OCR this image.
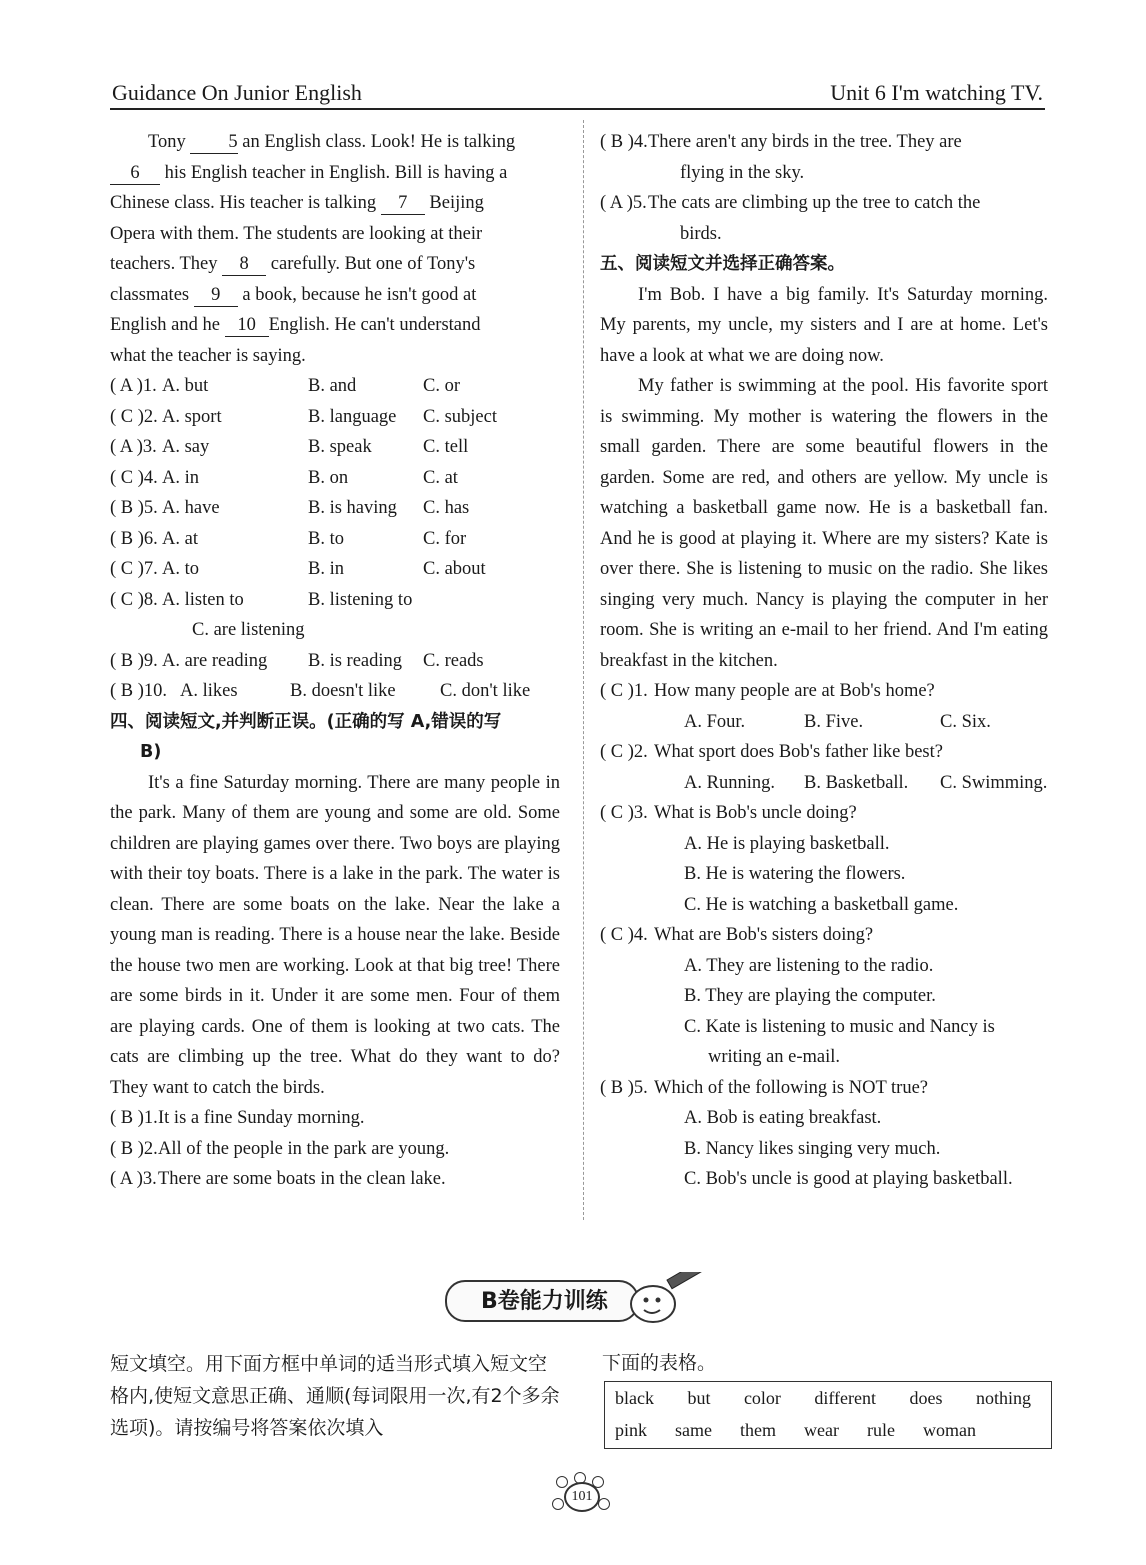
Guidance On Junior English	Unit 6 I'm watching TV.

Tony 5 an English class. Look! He is talking

6 his English teacher in English. Bill is having a

Chinese class. His teacher is talking 7 Beijing

Opera with them. The students are looking at their

teachers. They 8 carefully. But one of Tony's

classmates 9 a book, because he isn't good at

English and he 10 English. He can't understand

what the teacher is saying.

( A )1. A. but	B. and	C. or
( C )2. A. sport	B. language	C. subject
( A )3. A. say	B. speak	C. tell
( C )4. A. in	B. on	C. at
( B )5. A. have	B. is having	C. has
( B )6. A. at	B. to	C. for
( C )7. A. to	B. in	C. about
( C )8. A. listen to	B. listening to
C. are listening
( B )9. A. are reading	B. is reading	C. reads
( B )10. A. likes	B. doesn't like	C. don't like

四、阅读短文,并判断正误。(正确的写 A,错误的写

B)

It's a fine Saturday morning. There are many people in the park. Many of them are young and some are old. Some children are playing games over there. Two boys are playing with their toy boats. There is a lake in the park. The water is clean. There are some boats on the lake. Near the lake a young man is reading. There is a house near the lake. Beside the house two men are working. Look at that big tree! There are some birds in it. Under it are some men. Four of them are playing cards. One of them is looking at two cats. The cats are climbing up the tree. What do they want to do? They want to catch the birds.

( B )1. It is a fine Sunday morning.
( B )2. All of the people in the park are young.
( A )3. There are some boats in the clean lake.
( B )4. There aren't any birds in the tree. They are
flying in the sky.
( A )5. The cats are climbing up the tree to catch the
birds.

五、阅读短文并选择正确答案。

I'm Bob. I have a big family. It's Saturday morning. My parents, my uncle, my sisters and I are at home. Let's have a look at what we are doing now.

My father is swimming at the pool. His favorite sport is swimming. My mother is watering the flowers in the small garden. There are some beautiful flowers in the garden. Some are red, and others are yellow. My uncle is watching a basketball game now. He is a basketball fan. And he is good at playing it. Where are my sisters? Kate is over there. She is listening to music on the radio. She likes singing very much. Nancy is playing the computer in her room. She is writing an e-mail to her friend. And I'm eating breakfast in the kitchen.

( C )1. How many people are at Bob's home?
A. Four.	B. Five.	C. Six.
( C )2. What sport does Bob's father like best?
A. Running.	B. Basketball.	C. Swimming.
( C )3. What is Bob's uncle doing?
A. He is playing basketball.
B. He is watering the flowers.
C. He is watching a basketball game.
( C )4. What are Bob's sisters doing?
A. They are listening to the radio.
B. They are playing the computer.
C. Kate is listening to music and Nancy is
writing an e-mail.
( B )5. Which of the following is NOT true?
A. Bob is eating breakfast.
B. Nancy likes singing very much.
C. Bob's uncle is good at playing basketball.
B卷能力训练
短文填空。用下面方框中单词的适当形式填入短文空格内,使短文意思正确、通顺(每词限用一次,有2个多余选项)。请按编号将答案依次填入
下面的表格。
black but color different does nothing
pink same them wear rule woman
101
